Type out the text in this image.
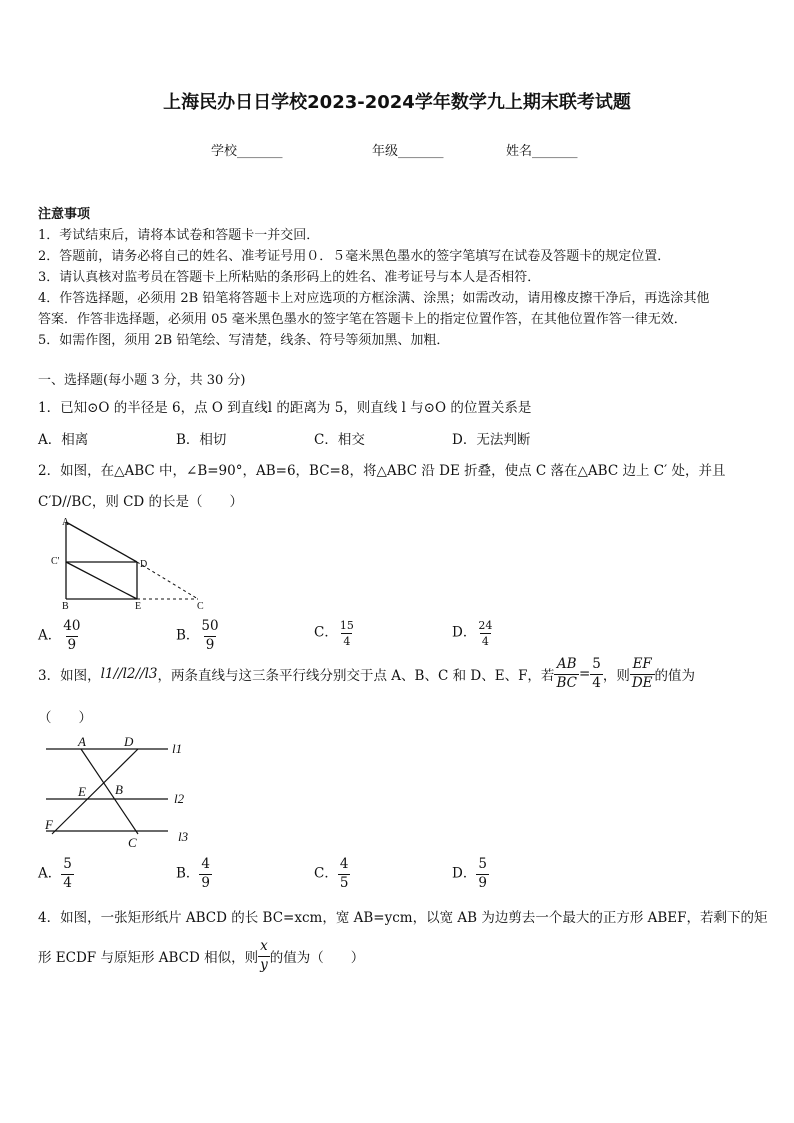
上海民办日日学校2023-2024学年数学九上期末联考试题
学校_______	年级_______	姓名_______
注意事项
1．考试结束后，请将本试卷和答题卡一并交回．
2．答题前，请务必将自己的姓名、准考证号用０．５毫米黑色墨水的签字笔填写在试卷及答题卡的规定位置．
3．请认真核对监考员在答题卡上所粘贴的条形码上的姓名、准考证号与本人是否相符．
4．作答选择题，必须用 2B 铅笔将答题卡上对应选项的方框涂满、涂黑；如需改动，请用橡皮擦干净后，再选涂其他
答案．作答非选择题，必须用 05 毫米黑色墨水的签字笔在答题卡上的指定位置作答，在其他位置作答一律无效．
5．如需作图，须用 2B 铅笔绘、写清楚，线条、符号等须加黑、加粗．
一、选择题(每小题 3 分，共 30 分)
1．已知⊙O 的半径是 6，点 O 到直线l 的距离为 5，则直线 l 与⊙O 的位置关系是
A．相离	B．相切	C．相交	D．无法判断
2．如图，在△ABC 中，∠B=90°，AB=6，BC=8，将△ABC 沿 DE 折叠，使点 C 落在△ABC 边上 C′ 处，并且
C′D//BC，则 CD 的长是（　　）
A
C'	D
B	E	C
A． $\frac{40}{9}$	B． $\frac{50}{9}$	C． $\frac{15}{4}$	D． $\frac{24}{4}$
3．如图， l1//l2//l3 ，两条直线与这三条平行线分别交于点 A、B、C 和 D、E、F，若 $\frac{AB}{BC} = \frac{5}{4}$ ，则 $\frac{EF}{DE}$ 的值为
（　　）
A	D
E B
F
C
l1
l2
l3
A． $\frac{5}{4}$	B． $\frac{4}{9}$	C． $\frac{4}{5}$	D． $\frac{5}{9}$
4．如图，一张矩形纸片 ABCD 的长 BC=xcm，宽 AB=ycm，以宽 AB 为边剪去一个最大的正方形 ABEF，若剩下的矩
形 ECDF 与原矩形 ABCD 相似，则 $\frac{x}{y}$ 的值为（　　）
